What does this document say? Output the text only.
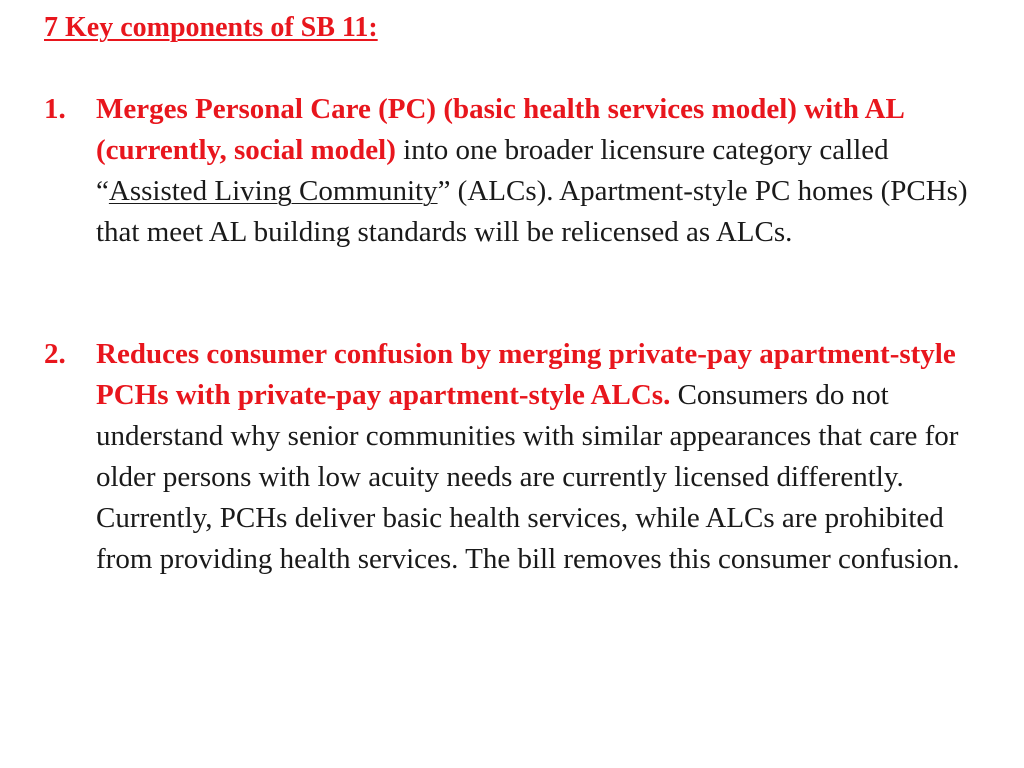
7 Key components of SB 11:
1.	Merges Personal Care (PC) (basic health services model) with AL (currently, social model) into one broader licensure category called “Assisted Living Community” (ALCs). Apartment-style PC homes (PCHs) that meet AL building standards will be relicensed as ALCs.
2.	Reduces consumer confusion by merging private-pay apartment-style PCHs with private-pay apartment-style ALCs. Consumers do not understand why senior communities with similar appearances that care for older persons with low acuity needs are currently licensed differently. Currently, PCHs deliver basic health services, while ALCs are prohibited from providing health services. The bill removes this consumer confusion.
